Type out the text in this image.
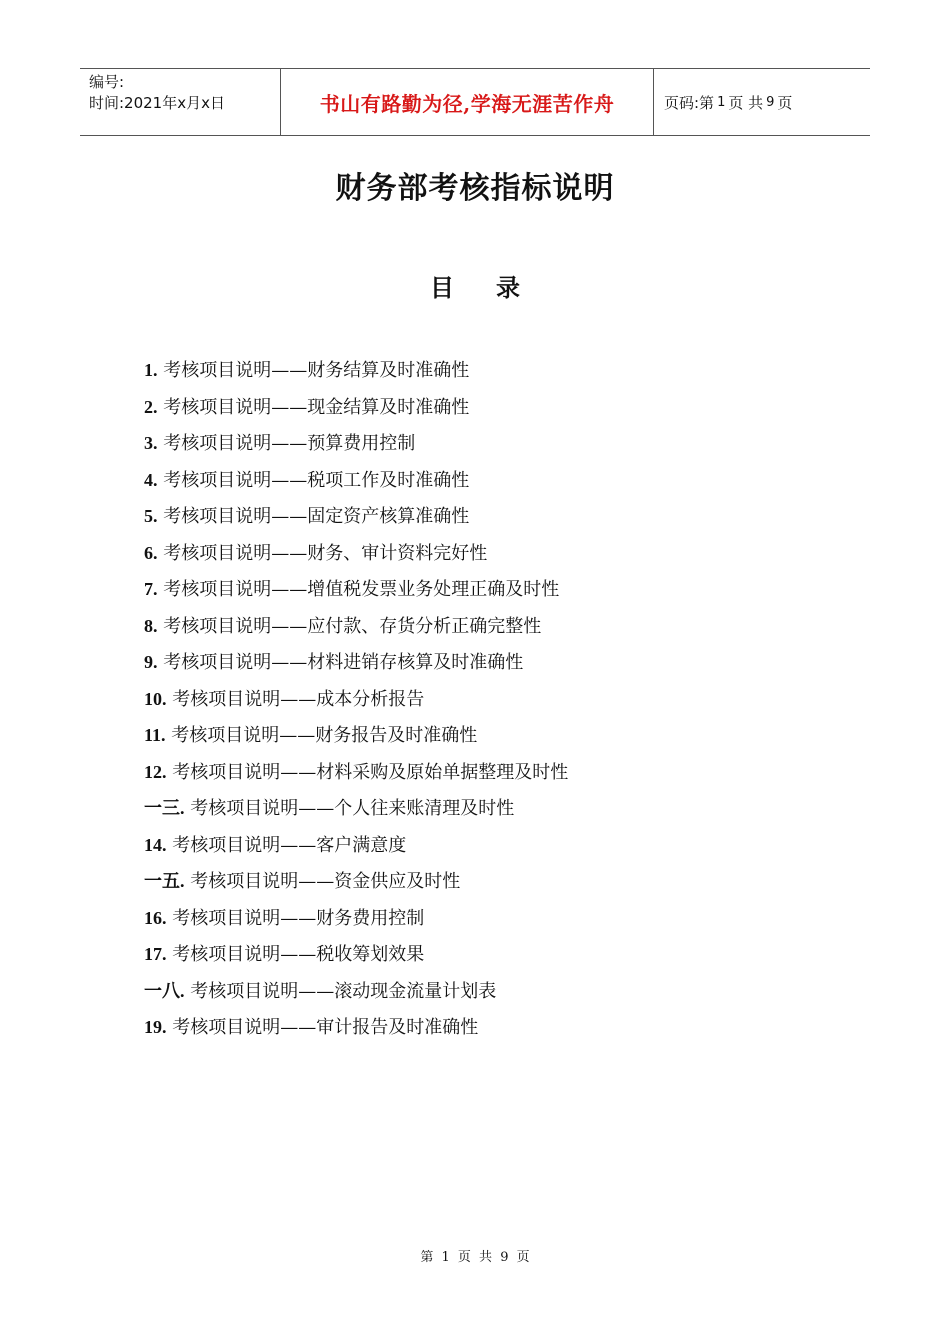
编号:
时间:2021年x月x日	书山有路勤为径,学海无涯苦作舟	页码:第 1 页 共 9 页
财务部考核指标说明
目 录
1. 考核项目说明——财务结算及时准确性
2. 考核项目说明——现金结算及时准确性
3. 考核项目说明——预算费用控制
4. 考核项目说明——税项工作及时准确性
5. 考核项目说明——固定资产核算准确性
6. 考核项目说明——财务、审计资料完好性
7. 考核项目说明——增值税发票业务处理正确及时性
8. 考核项目说明——应付款、存货分析正确完整性
9. 考核项目说明——材料进销存核算及时准确性
10. 考核项目说明——成本分析报告
11. 考核项目说明——财务报告及时准确性
12. 考核项目说明——材料采购及原始单据整理及时性
一三. 考核项目说明——个人往来账清理及时性
14. 考核项目说明——客户满意度
一五. 考核项目说明——资金供应及时性
16. 考核项目说明——财务费用控制
17. 考核项目说明——税收筹划效果
一八. 考核项目说明——滚动现金流量计划表
19. 考核项目说明——审计报告及时准确性
第 1 页 共 9 页
